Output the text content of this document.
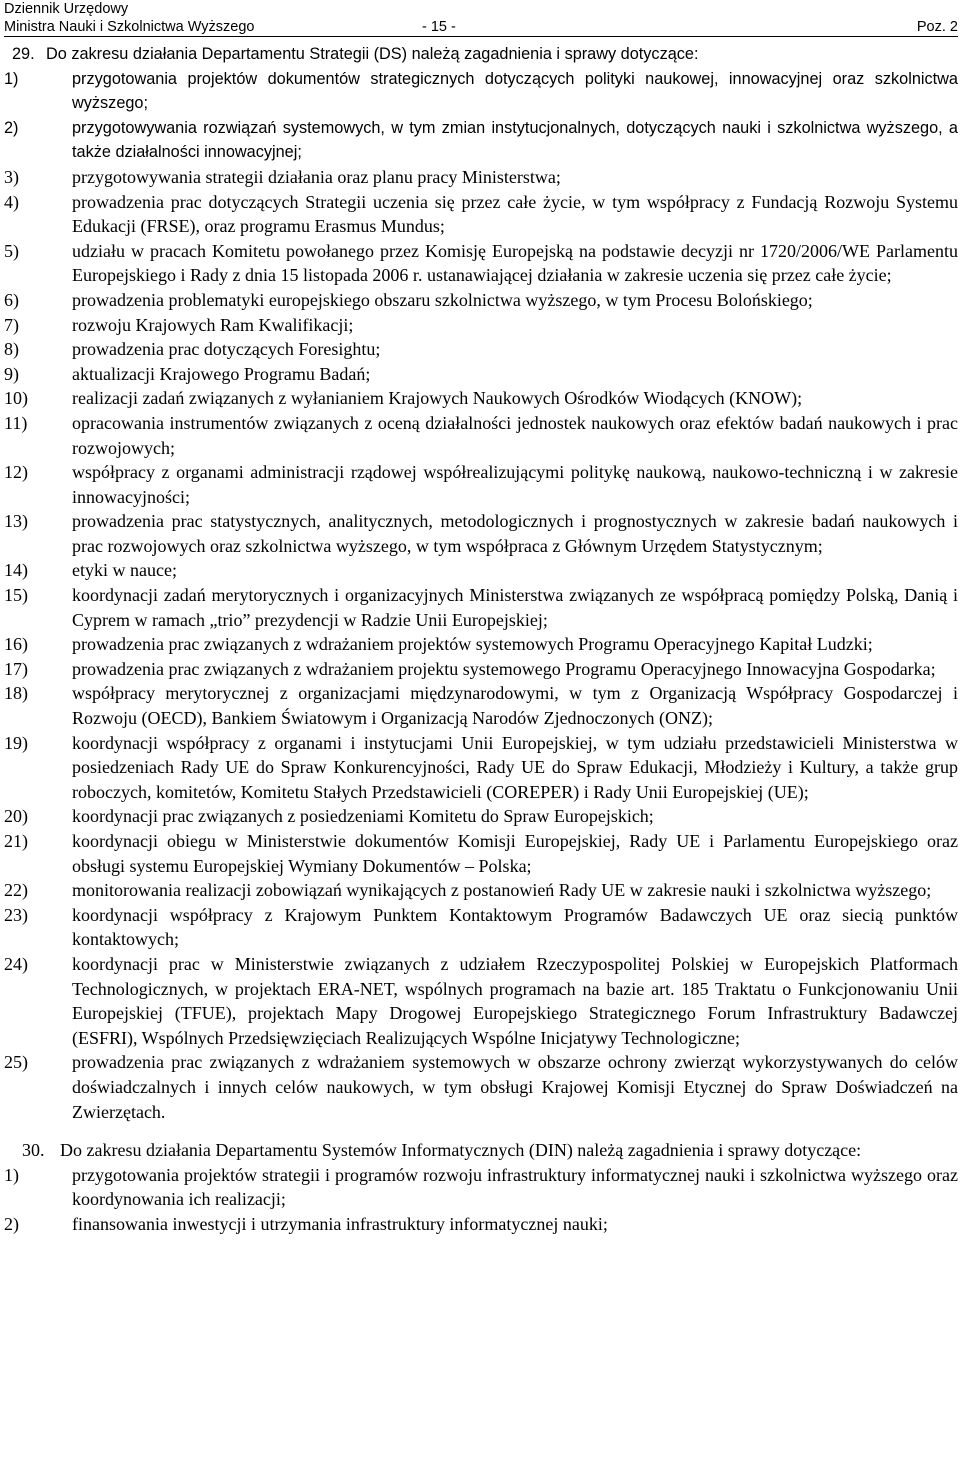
Dziennik Urzędowy
Ministra Nauki i Szkolnictwa Wyższego	- 15 -	Poz. 2
29. Do zakresu działania Departamentu Strategii (DS) należą zagadnienia i sprawy dotyczące:
1)	przygotowania projektów dokumentów strategicznych dotyczących polityki naukowej, innowacyjnej oraz szkolnictwa wyższego;
2)	przygotowywania rozwiązań systemowych, w tym zmian instytucjonalnych, dotyczących nauki i szkolnictwa wyższego, a także działalności innowacyjnej;
3)	przygotowywania strategii działania oraz planu pracy Ministerstwa;
4)	prowadzenia prac dotyczących Strategii uczenia się przez całe życie, w tym współpracy z Fundacją Rozwoju Systemu Edukacji (FRSE), oraz programu Erasmus Mundus;
5)	udziału w pracach Komitetu powołanego przez Komisję Europejską na podstawie decyzji nr 1720/2006/WE Parlamentu Europejskiego i Rady z dnia 15 listopada 2006 r. ustanawiającej działania w zakresie uczenia się przez całe życie;
6)	prowadzenia problematyki europejskiego obszaru szkolnictwa wyższego, w tym Procesu Bolońskiego;
7)	rozwoju Krajowych Ram Kwalifikacji;
8)	prowadzenia prac dotyczących Foresightu;
9)	aktualizacji Krajowego Programu Badań;
10)	realizacji zadań związanych z wyłanianiem Krajowych Naukowych Ośrodków Wiodących (KNOW);
11)	opracowania instrumentów związanych z oceną działalności jednostek naukowych oraz efektów badań naukowych i prac rozwojowych;
12)	współpracy z organami administracji rządowej współrealizującymi politykę naukową, naukowo-techniczną i w zakresie innowacyjności;
13)	prowadzenia prac statystycznych, analitycznych, metodologicznych i prognostycznych w zakresie badań naukowych i prac rozwojowych oraz szkolnictwa wyższego, w tym współpraca z Głównym Urzędem Statystycznym;
14)	etyki w nauce;
15)	koordynacji zadań merytorycznych i organizacyjnych Ministerstwa związanych ze współpracą pomiędzy Polską, Danią i Cyprem w ramach „trio” prezydencji w Radzie Unii Europejskiej;
16)	prowadzenia prac związanych z wdrażaniem projektów systemowych Programu Operacyjnego Kapitał Ludzki;
17)	prowadzenia prac związanych z wdrażaniem projektu systemowego Programu Operacyjnego Innowacyjna Gospodarka;
18)	współpracy merytorycznej z organizacjami międzynarodowymi, w tym z Organizacją Współpracy Gospodarczej i Rozwoju (OECD), Bankiem Światowym i Organizacją Narodów Zjednoczonych (ONZ);
19)	koordynacji współpracy z organami i instytucjami Unii Europejskiej, w tym udziału przedstawicieli Ministerstwa w posiedzeniach Rady UE do Spraw Konkurencyjności, Rady UE do Spraw Edukacji, Młodzieży i Kultury, a także grup roboczych, komitetów, Komitetu Stałych Przedstawicieli (COREPER) i Rady Unii Europejskiej (UE);
20)	koordynacji prac związanych z posiedzeniami Komitetu do Spraw Europejskich;
21)	koordynacji obiegu w Ministerstwie dokumentów Komisji Europejskiej, Rady UE i Parlamentu Europejskiego oraz obsługi systemu Europejskiej Wymiany Dokumentów – Polska;
22)	monitorowania realizacji zobowiązań wynikających z postanowień Rady UE w zakresie nauki i szkolnictwa wyższego;
23)	koordynacji współpracy z Krajowym Punktem Kontaktowym Programów Badawczych UE oraz siecią punktów kontaktowych;
24)	koordynacji prac w Ministerstwie związanych z udziałem Rzeczypospolitej Polskiej w Europejskich Platformach Technologicznych, w projektach ERA-NET, wspólnych programach na bazie art. 185 Traktatu o Funkcjonowaniu Unii Europejskiej (TFUE), projektach Mapy Drogowej Europejskiego Strategicznego Forum Infrastruktury Badawczej (ESFRI), Wspólnych Przedsięwzięciach Realizujących Wspólne Inicjatywy Technologiczne;
25)	prowadzenia prac związanych z wdrażaniem systemowych w obszarze ochrony zwierząt wykorzystywanych do celów doświadczalnych i innych celów naukowych, w tym obsługi Krajowej Komisji Etycznej do Spraw Doświadczeń na Zwierzętach.
30. Do zakresu działania Departamentu Systemów Informatycznych (DIN) należą zagadnienia i sprawy dotyczące:
1)	przygotowania projektów strategii i programów rozwoju infrastruktury informatycznej nauki i szkolnictwa wyższego oraz koordynowania ich realizacji;
2)	finansowania inwestycji i utrzymania infrastruktury informatycznej nauki;
